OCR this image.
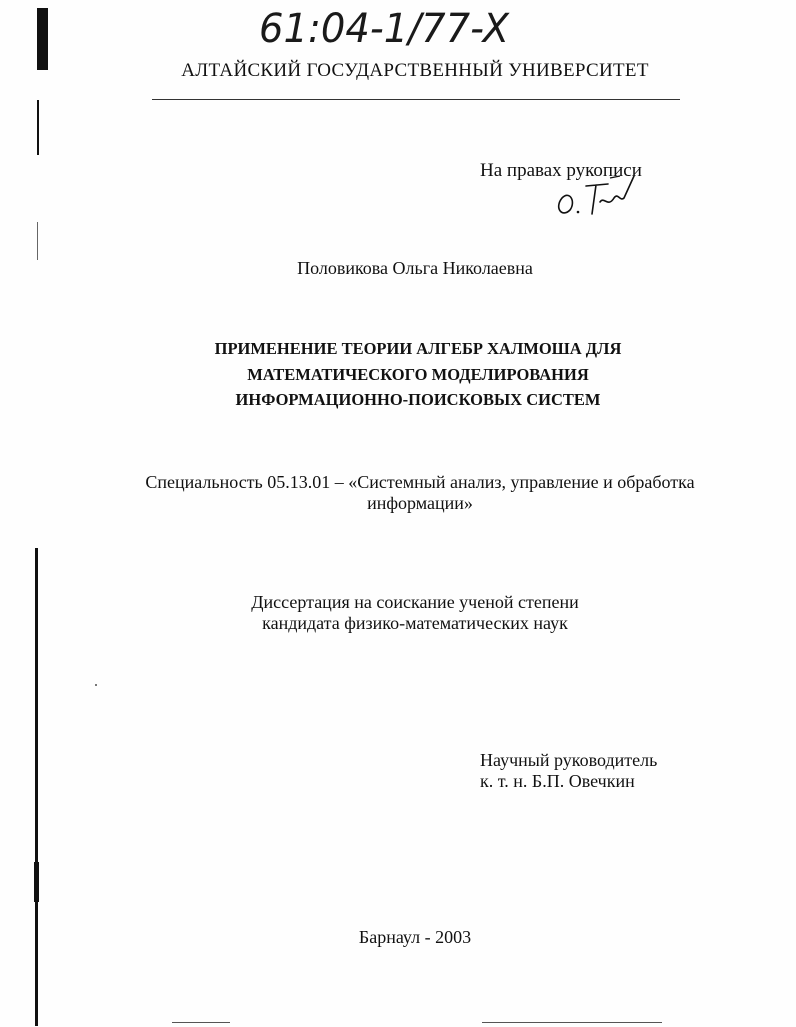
61:04-1/77-X
АЛТАЙСКИЙ ГОСУДАРСТВЕННЫЙ УНИВЕРСИТЕТ
На правах рукописи
Половикова Ольга Николаевна
ПРИМЕНЕНИЕ ТЕОРИИ АЛГЕБР ХАЛМОША ДЛЯ
МАТЕМАТИЧЕСКОГО МОДЕЛИРОВАНИЯ
ИНФОРМАЦИОННО-ПОИСКОВЫХ СИСТЕМ
Специальность 05.13.01 – «Системный анализ, управление и обработка
информации»
Диссертация на соискание ученой степени
кандидата физико-математических наук
Научный руководитель
к. т. н. Б.П. Овечкин
Барнаул - 2003
